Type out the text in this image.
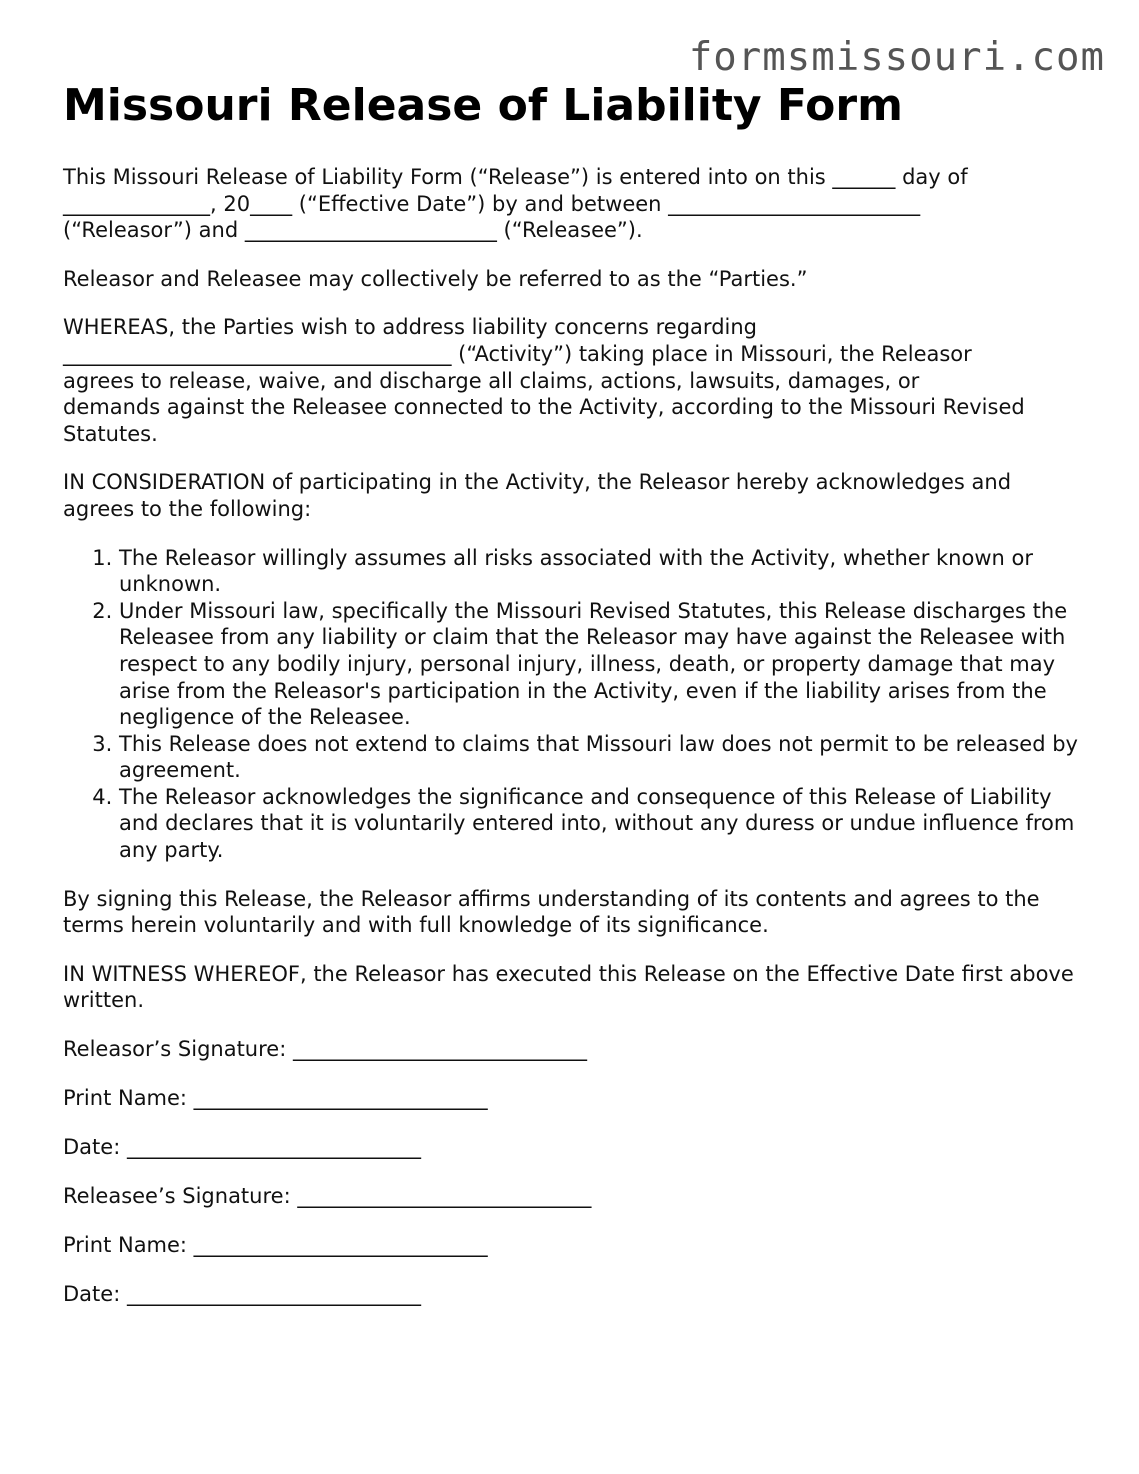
formsmissouri.com
Missouri Release of Liability Form

This Missouri Release of Liability Form (“Release”) is entered into on this ______ day of
______________, 20____ (“Effective Date”) by and between ________________________
(“Releasor”) and ________________________ (“Releasee”).

Releasor and Releasee may collectively be referred to as the “Parties.”

WHEREAS, the Parties wish to address liability concerns regarding
_____________________________________ (“Activity”) taking place in Missouri, the Releasor
agrees to release, waive, and discharge all claims, actions, lawsuits, damages, or
demands against the Releasee connected to the Activity, according to the Missouri Revised
Statutes.

IN CONSIDERATION of participating in the Activity, the Releasor hereby acknowledges and agrees to the following:

1. The Releasor willingly assumes all risks associated with the Activity, whether known or unknown.
2. Under Missouri law, specifically the Missouri Revised Statutes, this Release discharges the Releasee from any liability or claim that the Releasor may have against the Releasee with respect to any bodily injury, personal injury, illness, death, or property damage that may arise from the Releasor's participation in the Activity, even if the liability arises from the negligence of the Releasee.
3. This Release does not extend to claims that Missouri law does not permit to be released by agreement.
4. The Releasor acknowledges the significance and consequence of this Release of Liability and declares that it is voluntarily entered into, without any duress or undue influence from any party.

By signing this Release, the Releasor affirms understanding of its contents and agrees to the terms herein voluntarily and with full knowledge of its significance.

IN WITNESS WHEREOF, the Releasor has executed this Release on the Effective Date first above written.

Releasor’s Signature: ____________________________
Print Name: ____________________________
Date: ____________________________
Releasee’s Signature: ____________________________
Print Name: ____________________________
Date: ____________________________
